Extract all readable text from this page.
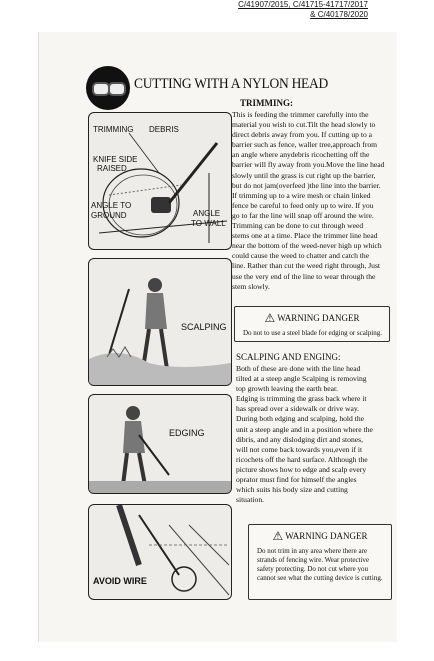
C/41907/2015, C/41715-41717/2017
& C/40178/2020
CUTTING WITH A NYLON HEAD
TRIMMING DEBRIS
KNIFE SIDE
RAISED
ANGLE TO
GROUND	ANGLE
TO WALL
SCALPING
EDGING
AVOID WIRE
TRIMMING:
This is feeding the trimmer carefully into the
material you wish to cut.Tilt the head slowly to
direct debris away from you. If cutting up to a
barrier such as fence, waller tree,approach from
an angle where anydebris ricochetting off the
barrier will fly away from you.Move the line head
slowly until the grass is cut right up the barrier,
but do not jam(overfeed )the line into the barrier.
If trimming up to a wire mesh or chain linked
fence be careful to feed only up to wire. If you
go to far the line will snap off around the wire.
Trimming can be done to cut through weed
stems one at a time. Place the trimmer line head
near the bottom of the weed-never high up which
could cause the weed to chatter and catch the
line. Rather than cut the weed right through, Just
use the very end of the line to wear through the
stem slowly.
⚠ WARNING DANGER
Do not to use a steel blade for edging or scalping.
SCALPING AND ENGING:
Both of these are done with the line head
tilted at a steep angle Scalping is removing
top growth leaving the earth bear.
Edging is trimming the grass back where it
has spread over a sidewalk or drive way.
During both edging and scalping, hold the
unit a steep angle and in a position where the
dibris, and any dislodging dirt and stones,
will not come back towards you,even if it
ricochets off the hard surface. Although the
picture shows how to edge and scalp every
oprator must find for himself the angles
which suits his body size and cutting
situation.
⚠ WARNING DANGER
Do not trim in any area where there are
strands of fencing wire. Wear protective
safety protecting. Do not cut where you
cannot see what the cutting device is cutting.
